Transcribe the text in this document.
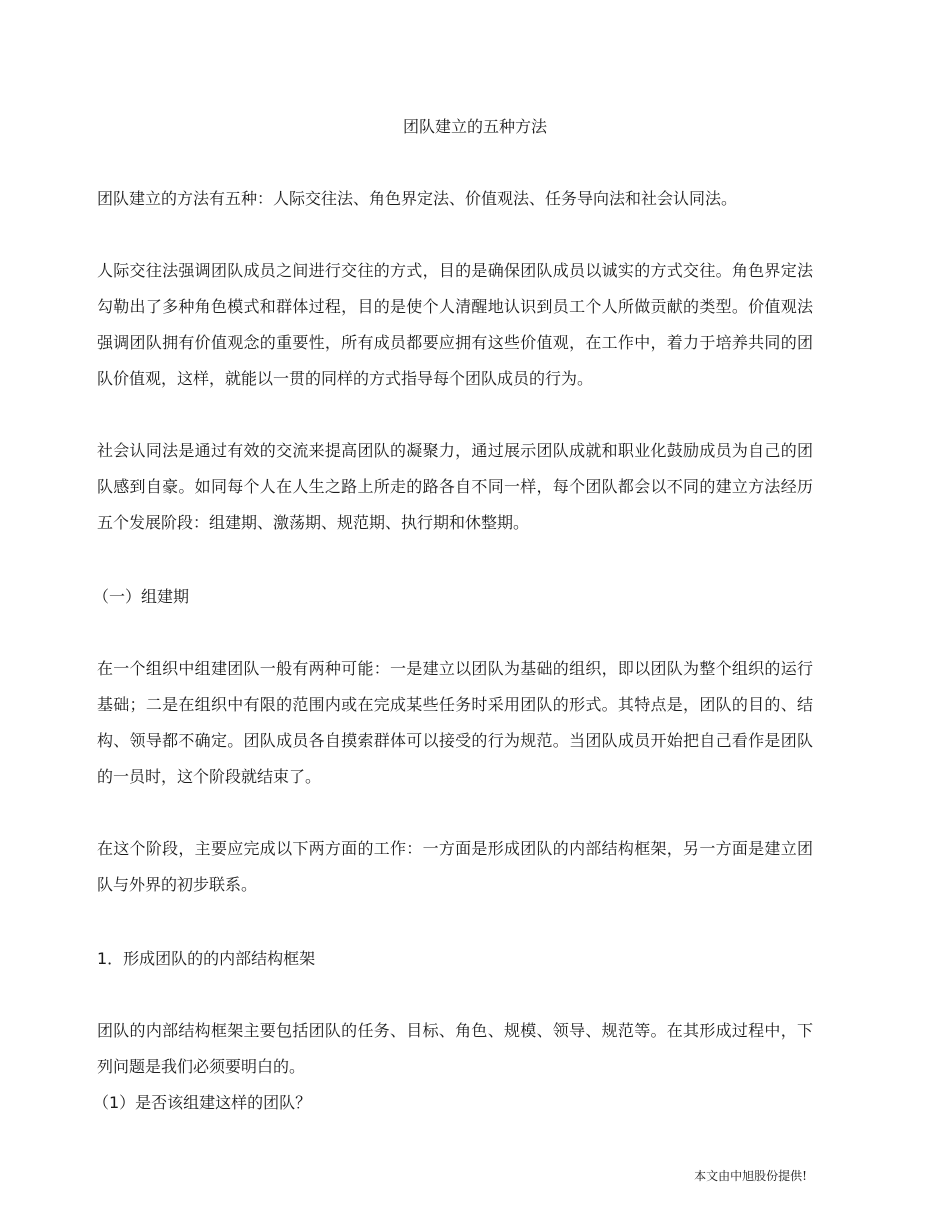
团队建立的五种方法

团队建立的方法有五种：人际交往法、角色界定法、价值观法、任务导向法和社会认同法。

人际交往法强调团队成员之间进行交往的方式，目的是确保团队成员以诚实的方式交往。角色界定法勾勒出了多种角色模式和群体过程，目的是使个人清醒地认识到员工个人所做贡献的类型。价值观法强调团队拥有价值观念的重要性，所有成员都要应拥有这些价值观，在工作中，着力于培养共同的团队价值观，这样，就能以一贯的同样的方式指导每个团队成员的行为。

社会认同法是通过有效的交流来提高团队的凝聚力，通过展示团队成就和职业化鼓励成员为自己的团队感到自豪。如同每个人在人生之路上所走的路各自不同一样，每个团队都会以不同的建立方法经历五个发展阶段：组建期、激荡期、规范期、执行期和休整期。

（一）组建期

在一个组织中组建团队一般有两种可能：一是建立以团队为基础的组织，即以团队为整个组织的运行基础；二是在组织中有限的范围内或在完成某些任务时采用团队的形式。其特点是，团队的目的、结构、领导都不确定。团队成员各自摸索群体可以接受的行为规范。当团队成员开始把自己看作是团队的一员时，这个阶段就结束了。

在这个阶段，主要应完成以下两方面的工作：一方面是形成团队的内部结构框架，另一方面是建立团队与外界的初步联系。

1．形成团队的的内部结构框架

团队的内部结构框架主要包括团队的任务、目标、角色、规模、领导、规范等。在其形成过程中，下列问题是我们必须要明白的。

（1）是否该组建这样的团队？

本文由中旭股份提供!
